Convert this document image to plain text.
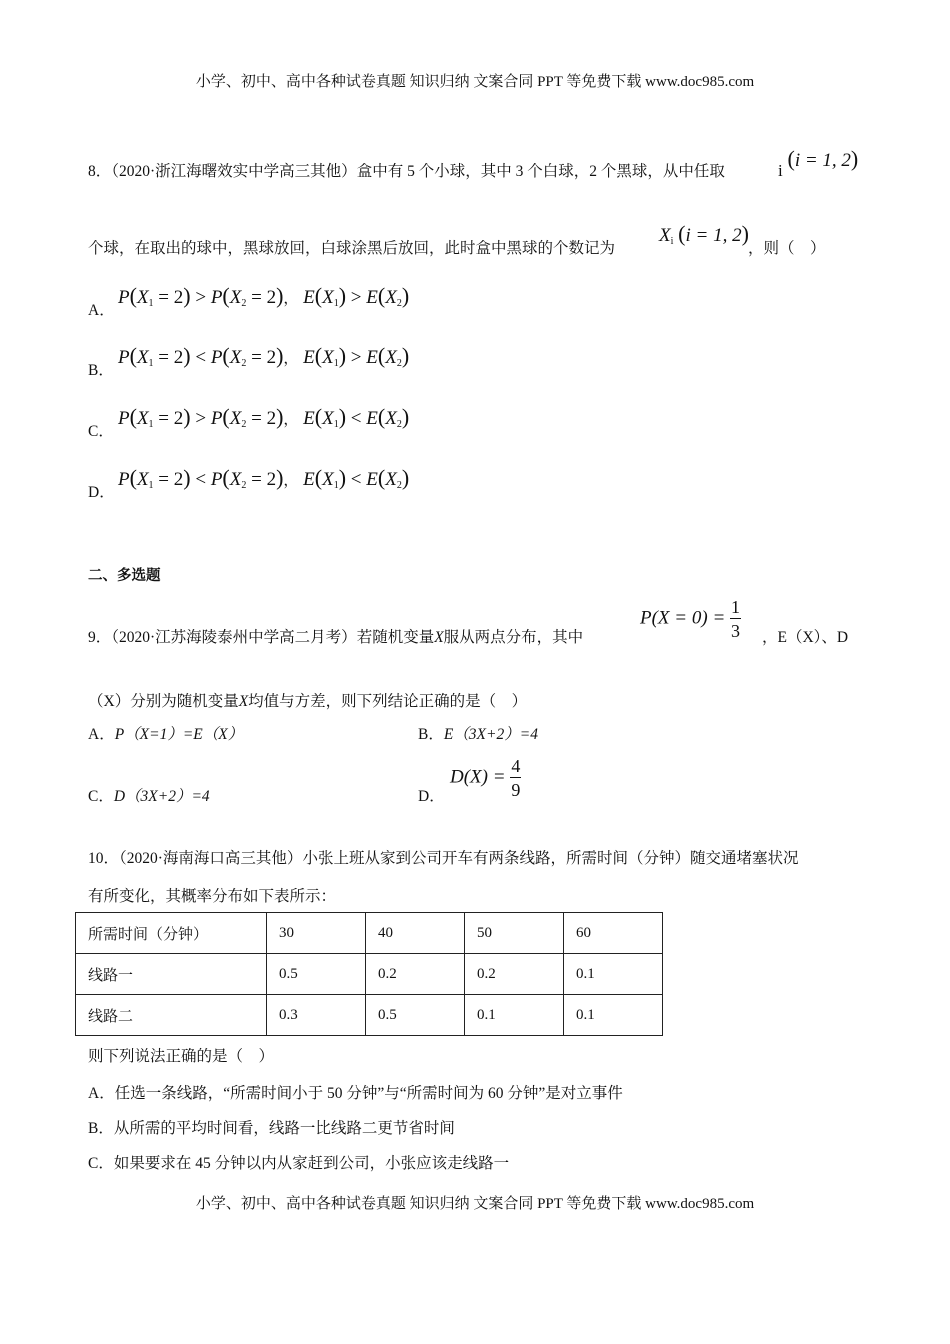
小学、初中、高中各种试卷真题 知识归纳 文案合同 PPT 等免费下载 www.doc985.com
8．（2020·浙江海曙效实中学高三其他）盒中有 5 个小球，其中 3 个白球，2 个黑球，从中任取	i (i = 1, 2)
个球，在取出的球中，黑球放回，白球涂黑后放回，此时盒中黑球的个数记为
$X_i$ (i = 1, 2)
，则（　）
A．
$P(X_1 = 2) > P(X_2 = 2)$， $E(X_1) > E(X_2)$
B．
$P(X_1 = 2) < P(X_2 = 2)$， $E(X_1) > E(X_2)$
C．
$P(X_1 = 2) > P(X_2 = 2)$， $E(X_1) < E(X_2)$
D．
$P(X_1 = 2) < P(X_2 = 2)$， $E(X_1) < E(X_2)$
二、多选题
9．（2020·江苏海陵泰州中学高二月考）若随机变量X服从两点分布，其中
$P(X = 0) = \frac{1}{3}$ ，E（X）、D
（X）分别为随机变量X均值与方差，则下列结论正确的是（　）
A．P（X=1）=E（X）	B．E（3X+2）=4
C．D（3X+2）=4	D．
$D(X) = \frac{4}{9}$
10．（2020·海南海口高三其他）小张上班从家到公司开车有两条线路，所需时间（分钟）随交通堵塞状况
有所变化，其概率分布如下表所示：
所需时间（分钟）	30	40	50	60
线路一	0.5	0.2	0.2	0.1
线路二	0.3	0.5	0.1	0.1
则下列说法正确的是（　）
A．任选一条线路，“所需时间小于 50 分钟”与“所需时间为 60 分钟”是对立事件
B．从所需的平均时间看，线路一比线路二更节省时间
C．如果要求在 45 分钟以内从家赶到公司，小张应该走线路一
小学、初中、高中各种试卷真题 知识归纳 文案合同 PPT 等免费下载 www.doc985.com
